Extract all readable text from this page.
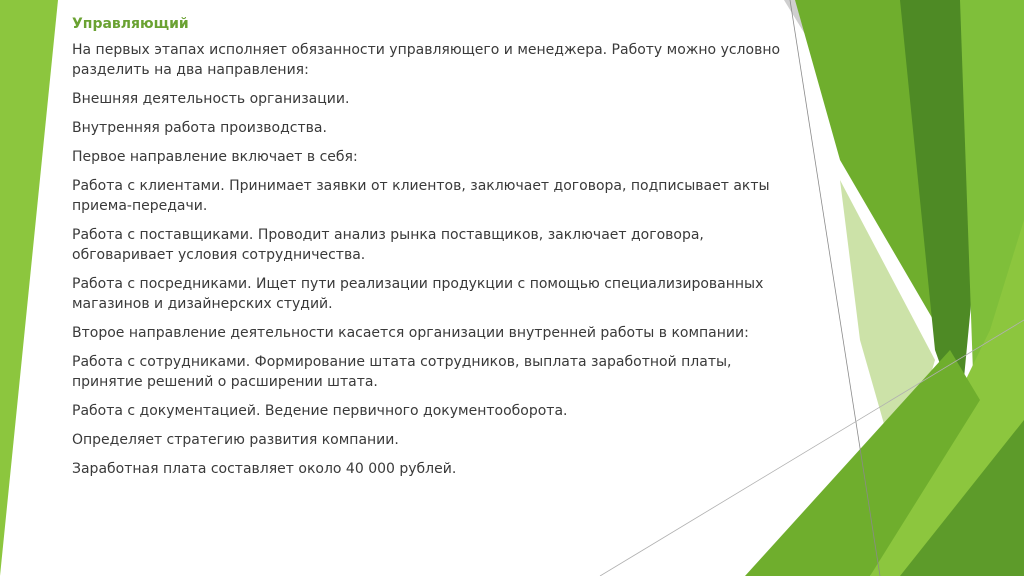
Управляющий

На первых этапах исполняет обязанности управляющего и менеджера. Работу можно условно разделить на два направления:

Внешняя деятельность организации.

Внутренняя работа производства.

Первое направление включает в себя:

Работа с клиентами. Принимает заявки от клиентов, заключает договора, подписывает акты приема-передачи.

Работа с поставщиками. Проводит анализ рынка поставщиков, заключает договора, обговаривает условия сотрудничества.

Работа с посредниками. Ищет пути реализации продукции с помощью специализированных магазинов и дизайнерских студий.

Второе направление деятельности касается организации внутренней работы в компании:

Работа с сотрудниками. Формирование штата сотрудников, выплата заработной платы, принятие решений о расширении штата.

Работа с документацией. Ведение первичного документооборота.

Определяет стратегию развития компании.

Заработная плата составляет около 40 000 рублей.
